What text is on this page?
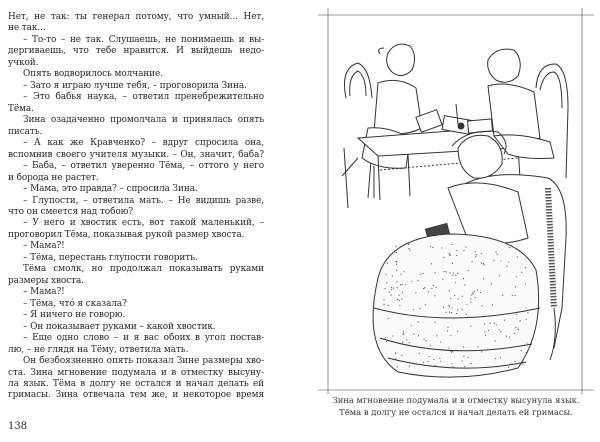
Нет, не так: ты генерал потому, что умный... Нет,
не так...
– То-то – не так. Слушаешь, не понимаешь и вы-
дергиваешь, что тебе нравится. И выйдешь недо-
учкой.
Опять водворилось молчание.
– Зато я играю лучше тебя, – проговорила Зина.
– Это бабья наука, – ответил пренебрежительно
Тёма.
Зина озадаченно промолчала и принялась опять
писать.
– А как же Кравченко? – вдруг спросила она,
вспомнив своего учителя музыки. – Он, значит, баба?
– Баба, – ответил уверенно Тёма, – оттого у него
и борода не растет.
– Мама, это правда? – спросила Зина.
– Глупости, – ответила мать. – Не видишь разве,
что он смеется над тобою?
– У него и хвостик есть, вот такой маленький, –
проговорил Тёма, показывая рукой размер хвоста.
– Мама?!
– Тёма, перестань глупости говорить.
Тёма смолк, но продолжал показывать руками
размеры хвоста.
– Мама?!
– Тёма, чтó я сказала?
– Я ничего не говорю.
– Он показывает руками – какой хвостик.
– Еще одно слово – и я вас обоих в угол постав-
лю, – не глядя на Тёму, ответила мать.
Он безбоязненно опять показал Зине размеры хво-
ста. Зина мгновение подумала и в отместку высуну-
ла язык. Тёма в долгу не остался и начал делать ей
гримасы. Зина отвечала тем же, и некоторое время
138
Зина мгновение подумала и в отместку высунула язык.
Тёма в долгу не остался и начал делать ей гримасы.
